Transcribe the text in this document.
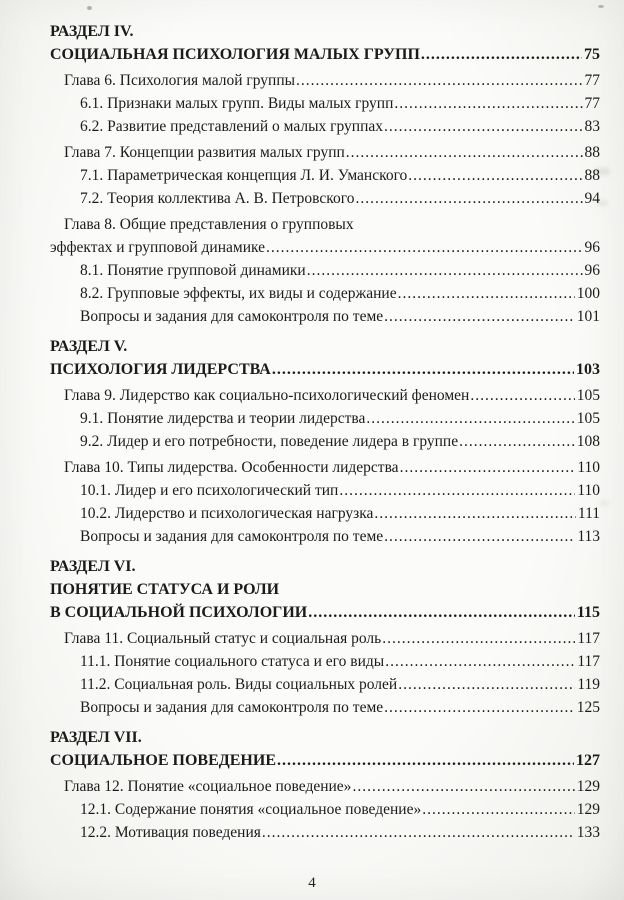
РАЗДЕЛ IV.
СОЦИАЛЬНАЯ ПСИХОЛОГИЯ МАЛЫХ ГРУПП .....	75
Глава 6. Психология малой группы .....	77
6.1. Признаки малых групп. Виды малых групп .....	77
6.2. Развитие представлений о малых группах .....	83
Глава 7. Концепции развития малых групп .....	88
7.1. Параметрическая концепция Л. И. Уманского .....	88
7.2. Теория коллектива А. В. Петровского .....	94
Глава 8. Общие представления о групповых
эффектах и групповой динамике .....	96
8.1. Понятие групповой динамики .....	96
8.2. Групповые эффекты, их виды и содержание .....	100
Вопросы и задания для самоконтроля по теме .....	101
РАЗДЕЛ V.
ПСИХОЛОГИЯ ЛИДЕРСТВА .....	103
Глава 9. Лидерство как социально-психологический феномен .....	105
9.1. Понятие лидерства и теории лидерства .....	105
9.2. Лидер и его потребности, поведение лидера в группе .....	108
Глава 10. Типы лидерства. Особенности лидерства .....	110
10.1. Лидер и его психологический тип .....	110
10.2. Лидерство и психологическая нагрузка .....	111
Вопросы и задания для самоконтроля по теме .....	113
РАЗДЕЛ VI.
ПОНЯТИЕ СТАТУСА И РОЛИ
В СОЦИАЛЬНОЙ ПСИХОЛОГИИ .....	115
Глава 11. Социальный статус и социальная роль .....	117
11.1. Понятие социального статуса и его виды .....	117
11.2. Социальная роль. Виды социальных ролей .....	119
Вопросы и задания для самоконтроля по теме .....	125
РАЗДЕЛ VII.
СОЦИАЛЬНОЕ ПОВЕДЕНИЕ .....	127
Глава 12. Понятие «социальное поведение» .....	129
12.1. Содержание понятия «социальное поведение» .....	129
12.2. Мотивация поведения .....	133
4
